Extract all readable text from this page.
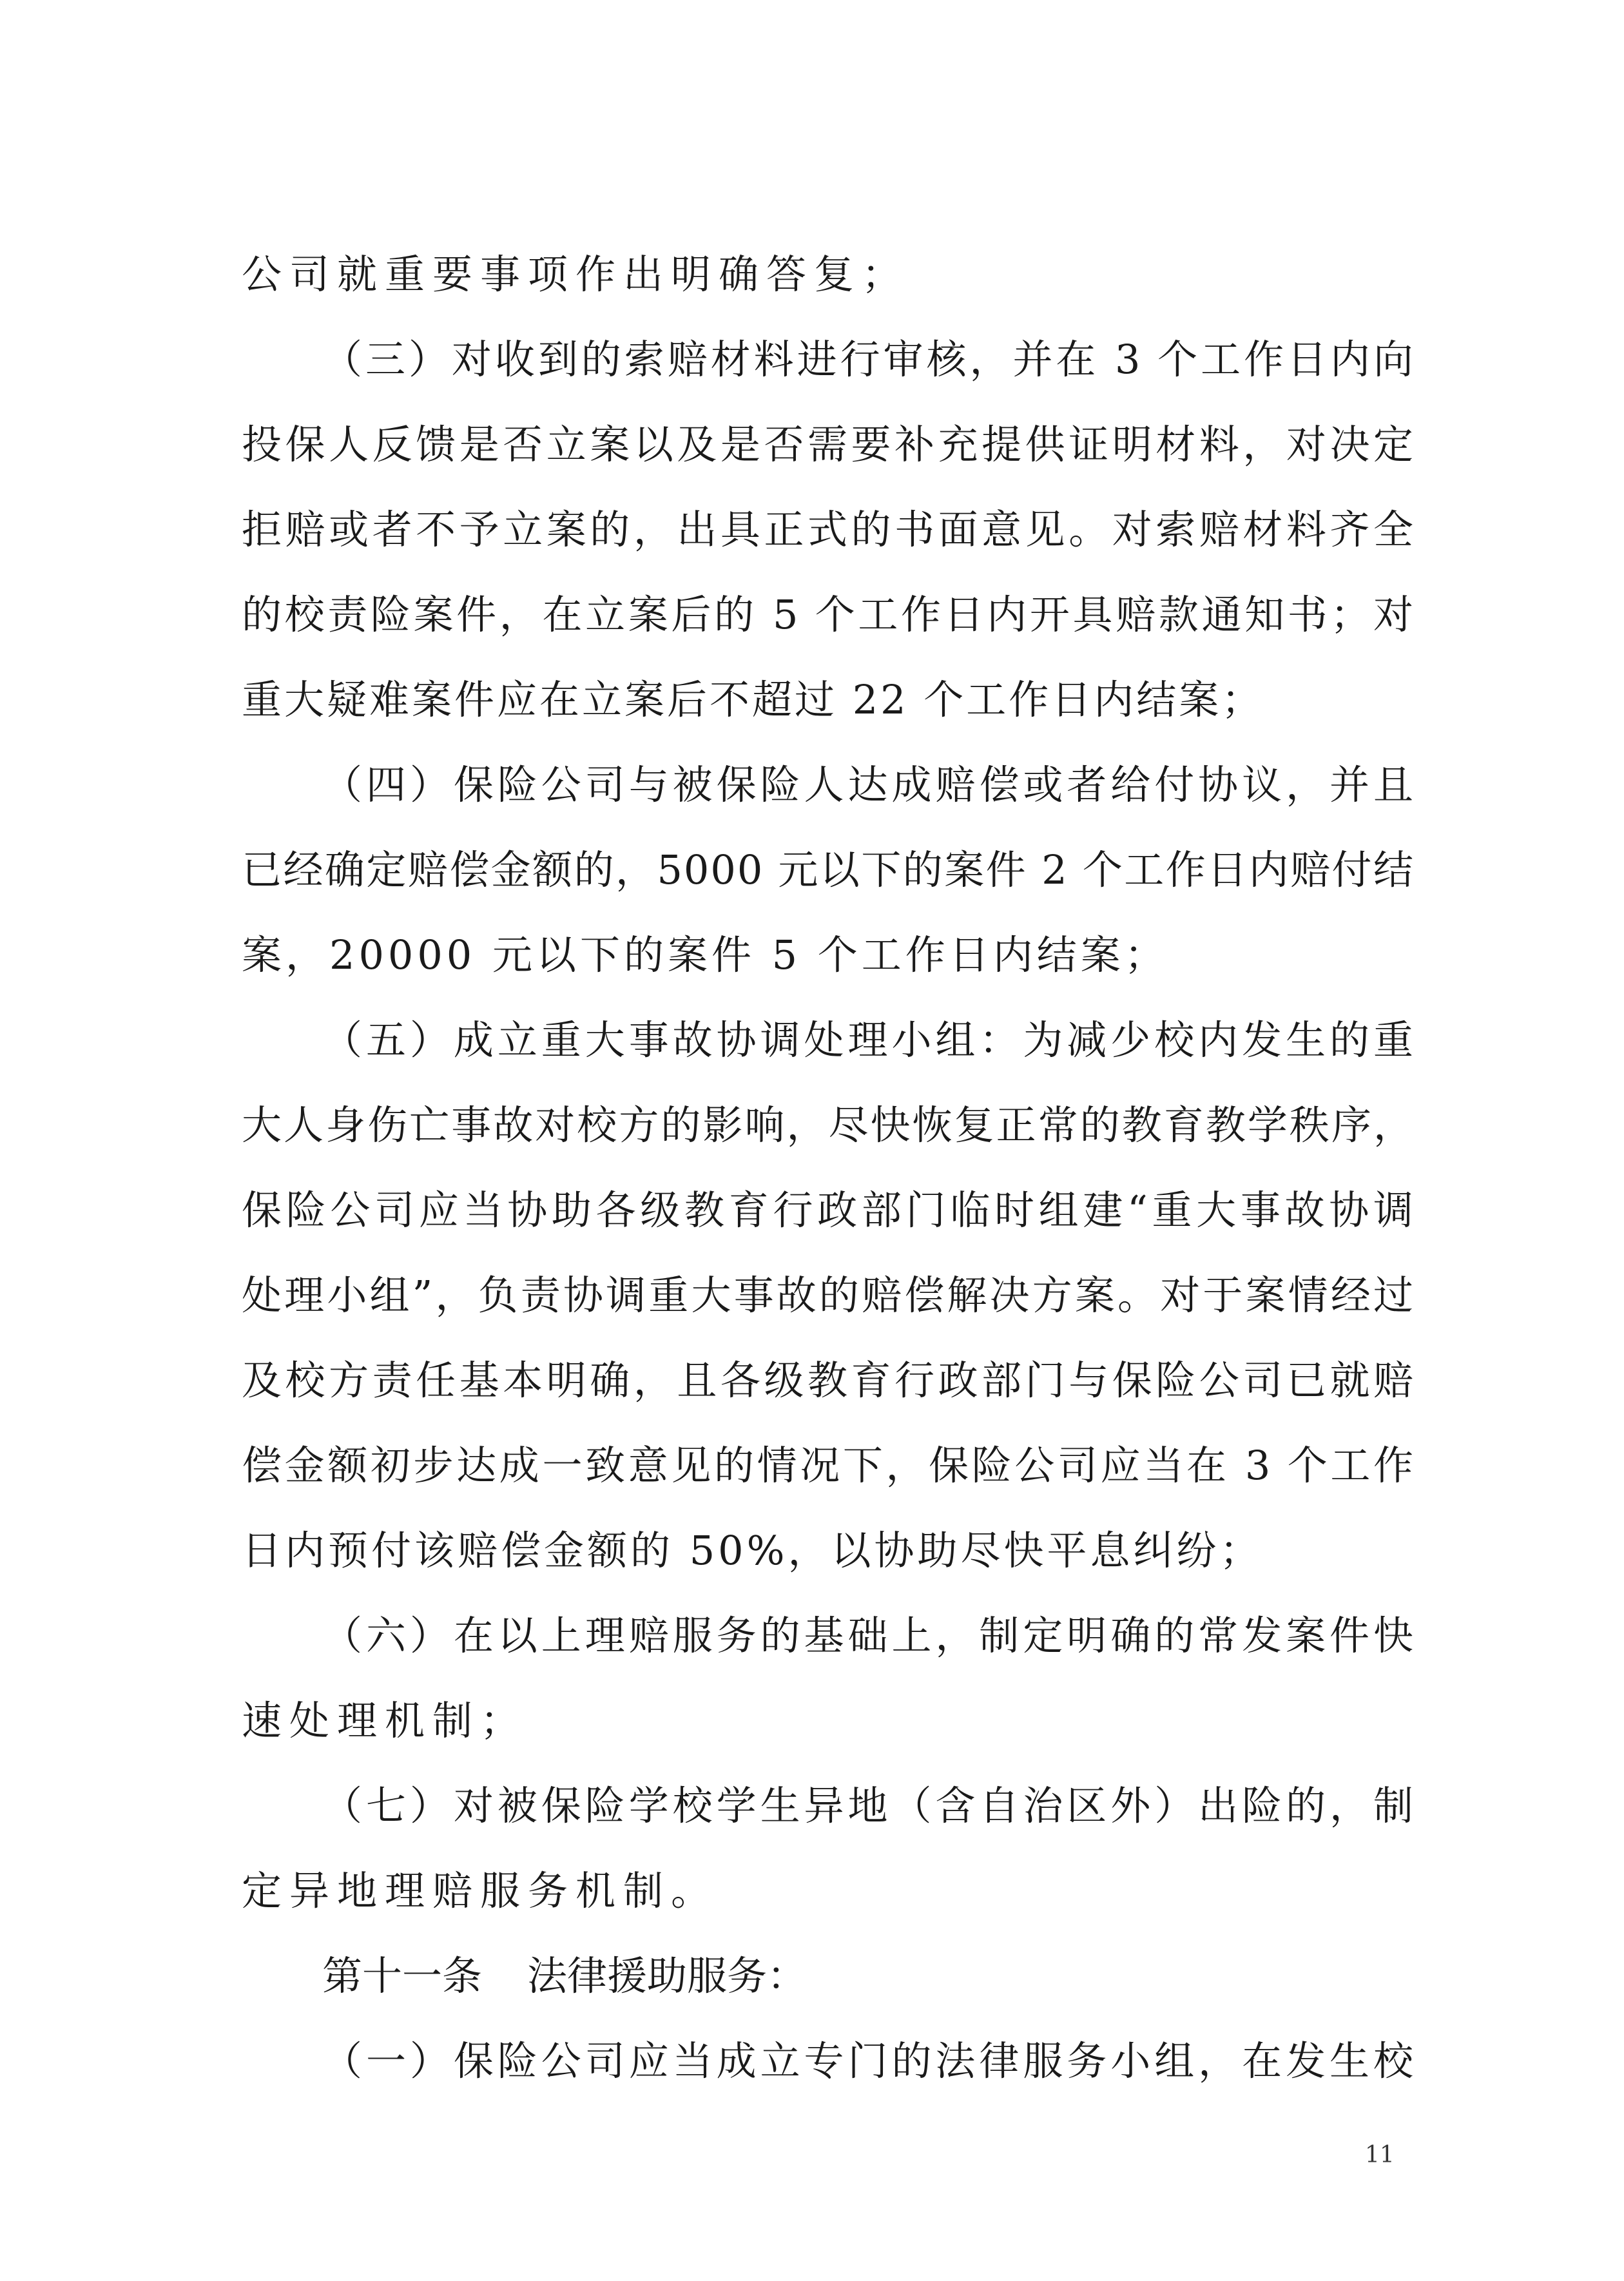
公司就重要事项作出明确答复；
（三）对收到的索赔材料进行审核，并在 3 个工作日内向
投保人反馈是否立案以及是否需要补充提供证明材料，对决定
拒赔或者不予立案的，出具正式的书面意见。对索赔材料齐全
的校责险案件，在立案后的 5 个工作日内开具赔款通知书；对
重大疑难案件应在立案后不超过 22 个工作日内结案；
（四）保险公司与被保险人达成赔偿或者给付协议，并且
已经确定赔偿金额的，5000 元以下的案件 2 个工作日内赔付结
案，20000 元以下的案件 5 个工作日内结案；
（五）成立重大事故协调处理小组：为减少校内发生的重
大人身伤亡事故对校方的影响，尽快恢复正常的教育教学秩序，
保险公司应当协助各级教育行政部门临时组建“重大事故协调
处理小组”，负责协调重大事故的赔偿解决方案。对于案情经过
及校方责任基本明确，且各级教育行政部门与保险公司已就赔
偿金额初步达成一致意见的情况下，保险公司应当在 3 个工作
日内预付该赔偿金额的 50%，以协助尽快平息纠纷；
（六）在以上理赔服务的基础上，制定明确的常发案件快
速处理机制；
（七）对被保险学校学生异地（含自治区外）出险的，制
定异地理赔服务机制。
第十一条 法律援助服务：
（一）保险公司应当成立专门的法律服务小组，在发生校
11
